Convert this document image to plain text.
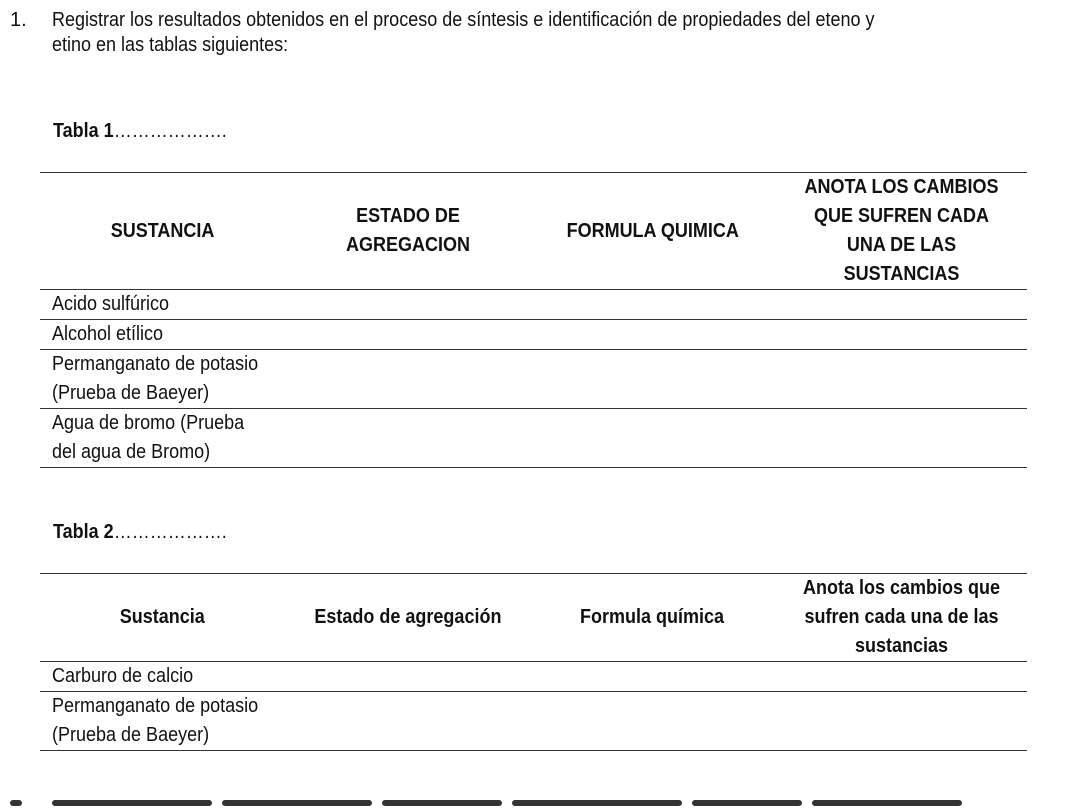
1. Registrar los resultados obtenidos en el proceso de síntesis e identificación de propiedades del eteno y
etino en las tablas siguientes:
Tabla 1……………….
SUSTANCIA	ESTADO DE AGREGACION	FORMULA QUIMICA	ANOTA LOS CAMBIOS QUE SUFREN CADA UNA DE LAS SUSTANCIAS

Acido sulfúrico			

Alcohol etílico			

Permanganato de potasio (Prueba de Baeyer)			

Agua de bromo (Prueba del agua de Bromo)			

Tabla 2……………….
Sustancia	Estado de agregación	Formula química	Anota los cambios que sufren cada una de las sustancias

Carburo de calcio			

Permanganato de potasio (Prueba de Baeyer)			
